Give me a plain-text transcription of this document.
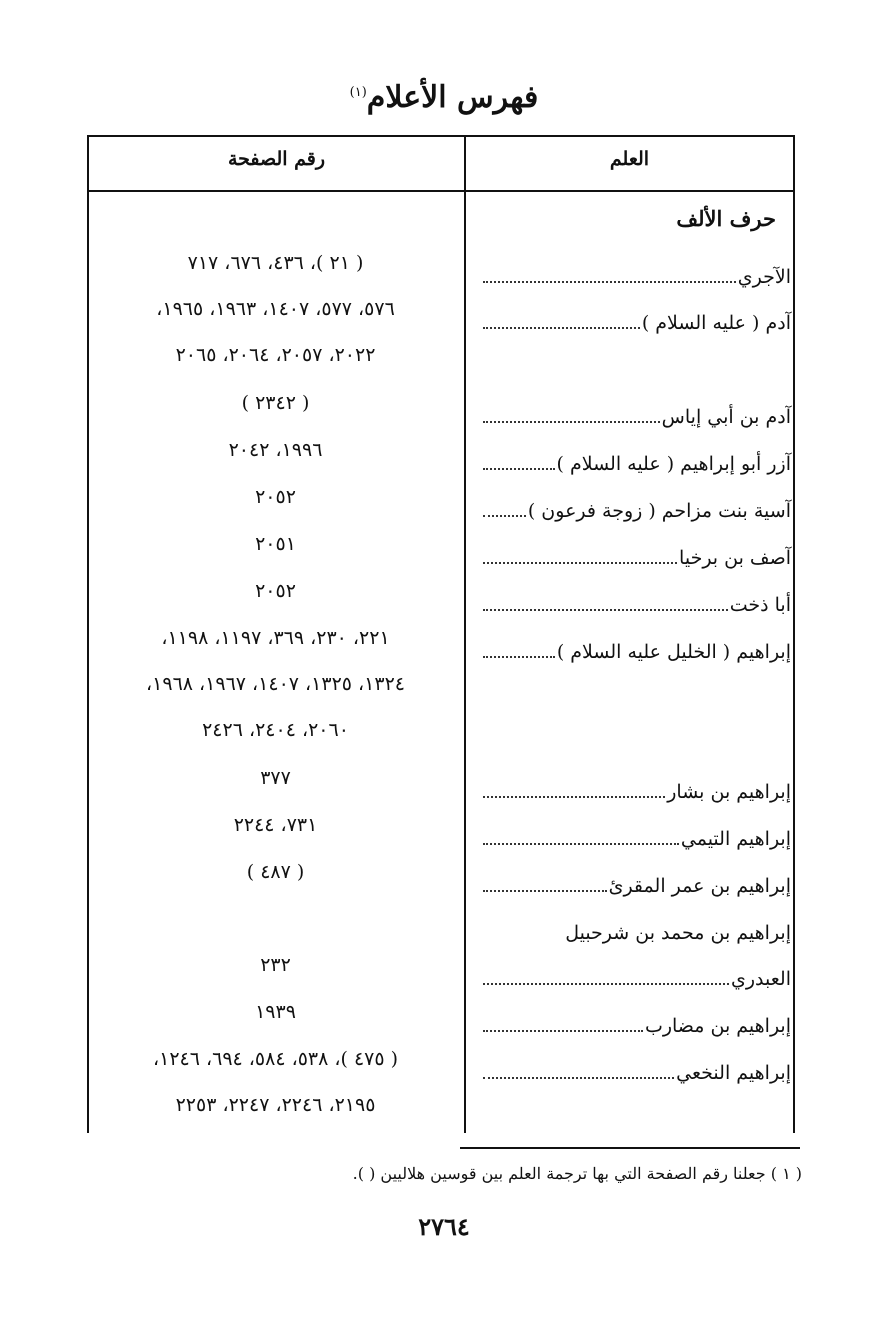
فهرس الأعلام$^{(١)}$
العلم
رقم الصفحة
حرف الألف
الآجري
( ٢١ )، ٤٣٦، ٦٧٦، ٧١٧
آدم ( عليه السلام )
٥٧٦، ٥٧٧، ١٤٠٧، ١٩٦٣، ١٩٦٥،
٢٠٢٢، ٢٠٥٧، ٢٠٦٤، ٢٠٦٥
آدم بن أبي إياس
( ٢٣٤٢ )
آزر أبو إبراهيم ( عليه السلام )
١٩٩٦، ٢٠٤٢
آسية بنت مزاحم ( زوجة فرعون )
٢٠٥٢
آصف بن برخيا
٢٠٥١
أبا ذخت
٢٠٥٢
إبراهيم ( الخليل عليه السلام )
٢٢١، ٢٣٠، ٣٦٩، ١١٩٧، ١١٩٨،
١٣٢٤، ١٣٢٥، ١٤٠٧، ١٩٦٧، ١٩٦٨،
٢٠٦٠، ٢٤٠٤، ٢٤٢٦
إبراهيم بن بشار
٣٧٧
إبراهيم التيمي
٧٣١، ٢٢٤٤
إبراهيم بن عمر المقرئ
( ٤٨٧ )
إبراهيم بن محمد بن شرحبيل
العبدري
٢٣٢
إبراهيم بن مضارب
١٩٣٩
إبراهيم النخعي
( ٤٧٥ )، ٥٣٨، ٥٨٤، ٦٩٤، ١٢٤٦،
٢١٩٥، ٢٢٤٦، ٢٢٤٧، ٢٢٥٣
( ١ ) جعلنا رقم الصفحة التي بها ترجمة العلم بين قوسين هلاليين ( ).
٢٧٦٤
